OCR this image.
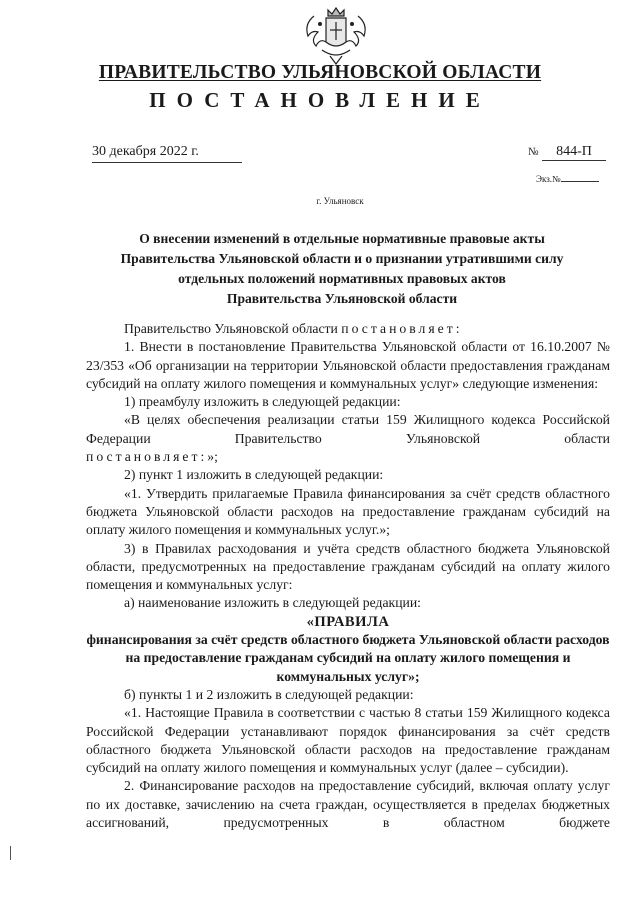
ПРАВИТЕЛЬСТВО УЛЬЯНОВСКОЙ ОБЛАСТИ
ПОСТАНОВЛЕНИЕ
30 декабря 2022 г.	№ 844-П
Экз.№
г. Ульяновск
О внесении изменений в отдельные нормативные правовые акты
Правительства Ульяновской области и о признании утратившими силу
отдельных положений нормативных правовых актов
Правительства Ульяновской области

Правительство Ульяновской области постановляет:

1. Внести в постановление Правительства Ульяновской области от 16.10.2007 № 23/353 «Об организации на территории Ульяновской области предоставления гражданам субсидий на оплату жилого помещения и коммунальных услуг» следующие изменения:

1) преамбулу изложить в следующей редакции:

«В целях обеспечения реализации статьи 159 Жилищного кодекса Российской Федерации Правительство Ульяновской области

постановляет:»;

2) пункт 1 изложить в следующей редакции:

«1. Утвердить прилагаемые Правила финансирования за счёт средств областного бюджета Ульяновской области расходов на предоставление гражданам субсидий на оплату жилого помещения и коммунальных услуг.»;

3) в Правилах расходования и учёта средств областного бюджета Ульяновской области, предусмотренных на предоставление гражданам субсидий на оплату жилого помещения и коммунальных услуг:

а) наименование изложить в следующей редакции:

«ПРАВИЛА

финансирования за счёт средств областного бюджета Ульяновской области расходов на предоставление гражданам субсидий на оплату жилого помещения и коммунальных услуг»;

б) пункты 1 и 2 изложить в следующей редакции:

«1. Настоящие Правила в соответствии с частью 8 статьи 159 Жилищного кодекса Российской Федерации устанавливают порядок финансирования за счёт средств областного бюджета Ульяновской области расходов на предоставление гражданам субсидий на оплату жилого помещения и коммунальных услуг (далее – субсидии).

2. Финансирование расходов на предоставление субсидий, включая оплату услуг по их доставке, зачислению на счета граждан, осуществляется в пределах бюджетных ассигнований, предусмотренных в областном бюджете
